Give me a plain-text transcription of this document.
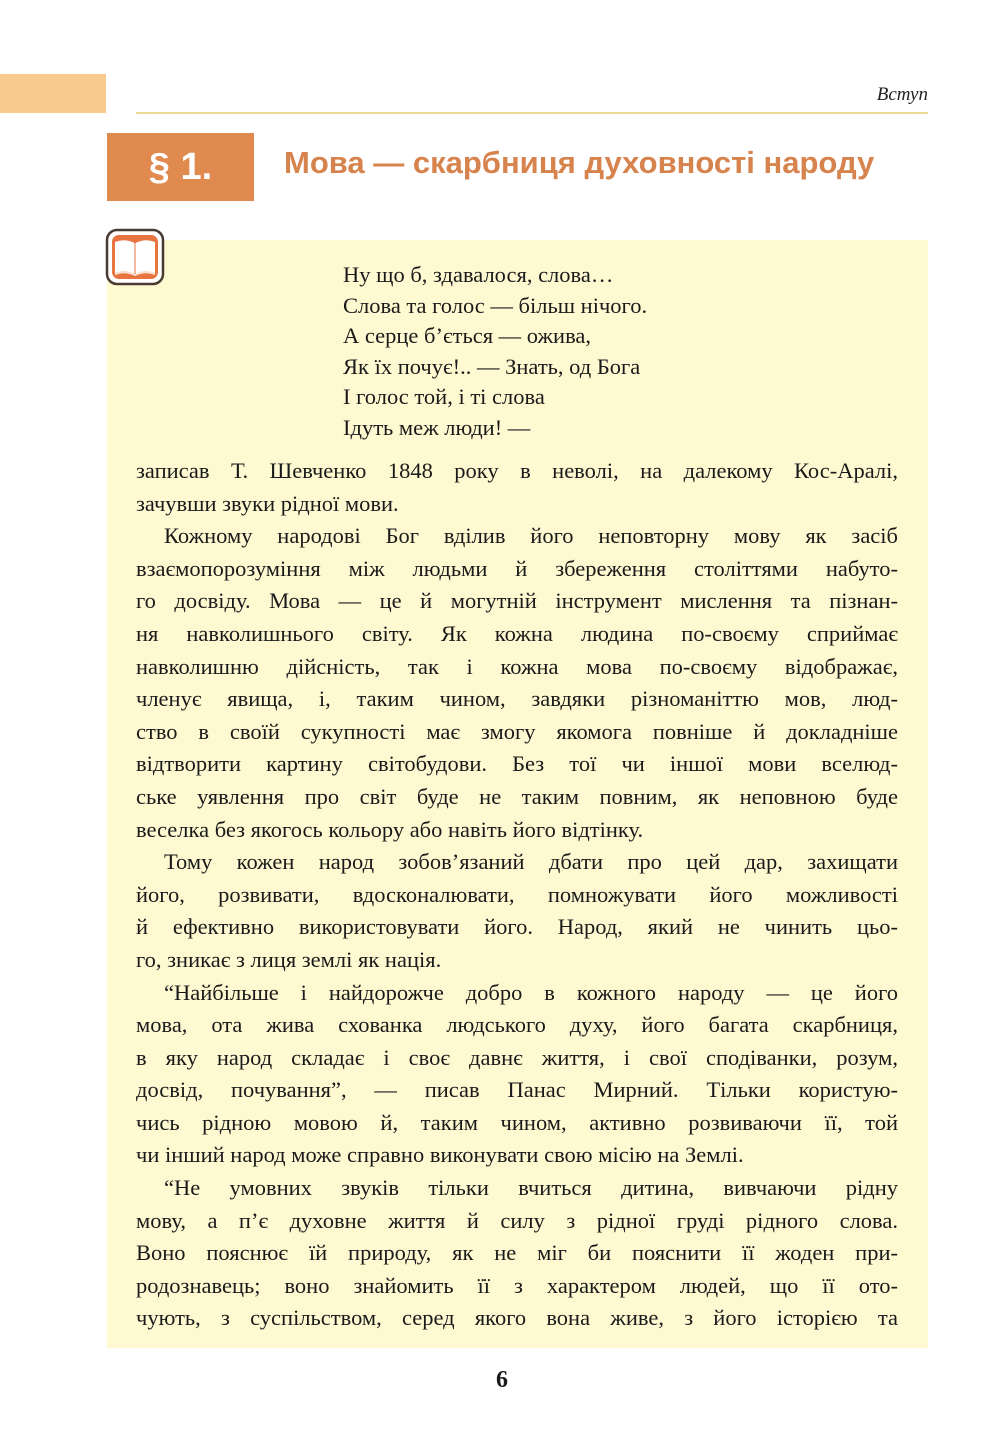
Вступ
§ 1.	Мова — скарбниця духовності народу
Ну що б, здавалося, слова…
Слова та голос — більш нічого.
А серце б’ється — ожива,
Як їх почує!.. — Знать, од Бога
І голос той, і ті слова
Ідуть меж люди! —
записав Т. Шевченко 1848 року в неволі, на далекому Кос-Аралі,
зачувши звуки рідної мови.
Кожному народові Бог вділив його неповторну мову як засіб
взаємопорозуміння між людьми й збереження століттями набуто-
го досвіду. Мова — це й могутній інструмент мислення та пізнан-
ня навколишнього світу. Як кожна людина по-своєму сприймає
навколишню дійсність, так і кожна мова по-своєму відображає,
членує явища, і, таким чином, завдяки різноманіттю мов, люд-
ство в своїй сукупності має змогу якомога повніше й докладніше
відтворити картину світобудови. Без тої чи іншої мови вселюд-
ське уявлення про світ буде не таким повним, як неповною буде
веселка без якогось кольору або навіть його відтінку.
Тому кожен народ зобов’язаний дбати про цей дар, захищати
його, розвивати, вдосконалювати, помножувати його можливості
й ефективно використовувати його. Народ, який не чинить цьо-
го, зникає з лиця землі як нація.
“Найбільше і найдорожче добро в кожного народу — це його
мова, ота жива схованка людського духу, його багата скарбниця,
в яку народ складає і своє давнє життя, і свої сподіванки, розум,
досвід, почування”, — писав Панас Мирний. Тільки користую-
чись рідною мовою й, таким чином, активно розвиваючи її, той
чи інший народ може справно виконувати свою місію на Землі.
“Не умовних звуків тільки вчиться дитина, вивчаючи рідну
мову, а п’є духовне життя й силу з рідної груді рідного слова.
Воно пояснює їй природу, як не міг би пояснити її жоден при-
родознавець; воно знайомить її з характером людей, що її ото-
чують, з суспільством, серед якого вона живе, з його історією та
6
